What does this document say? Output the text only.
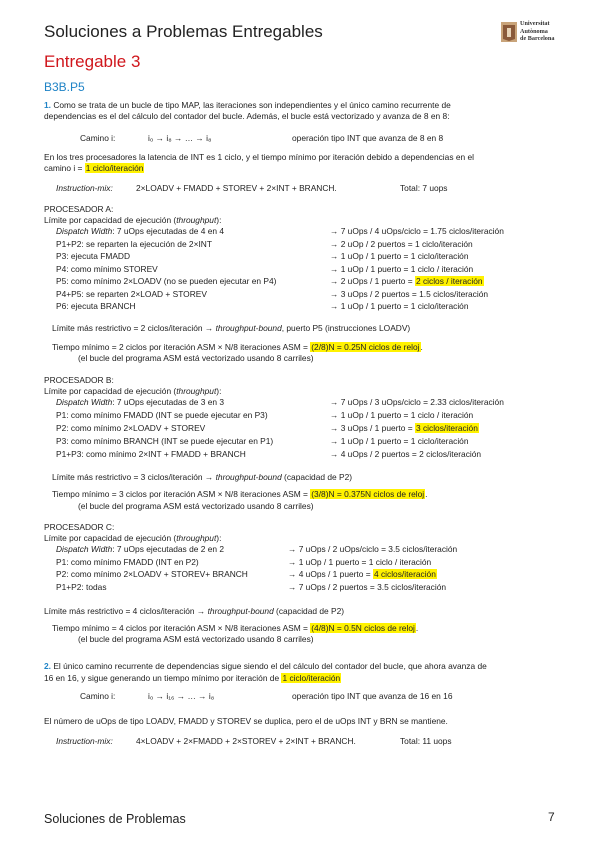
Soluciones a Problemas Entregables	Universitat
Autònoma
de Barcelona
Entregable 3
B3B.P5
1. Como se trata de un bucle de tipo MAP, las iteraciones son independientes y el único camino recurrente de
dependencias es el del cálculo del contador del bucle. Además, el bucle está vectorizado y avanza de 8 en 8:
Camino i:	i₀ → i₈ → … → i₈	operación tipo INT que avanza de 8 en 8
En los tres procesadores la latencia de INT es 1 ciclo, y el tiempo mínimo por iteración debido a dependencias en el
camino i = 1 ciclo/iteración
Instruction-mix:	2×LOADV + FMADD + STOREV + 2×INT + BRANCH.	Total: 7 uops
PROCESADOR A:
Límite por capacidad de ejecución (throughput):
Dispatch Width: 7 uOps ejecutadas de 4 en 4	→ 7 uOps / 4 uOps/ciclo = 1.75 ciclos/iteración
P1+P2: se reparten la ejecución de 2×INT	→ 2 uOp / 2 puertos = 1 ciclo/iteración
P3: ejecuta FMADD	→ 1 uOp / 1 puerto = 1 ciclo/iteración
P4: como mínimo STOREV	→ 1 uOp / 1 puerto = 1 ciclo / iteración
P5: como mínimo 2×LOADV (no se pueden ejecutar en P4)	→ 2 uOps / 1 puerto = 2 ciclos / iteración
P4+P5: se reparten 2×LOAD + STOREV	→ 3 uOps / 2 puertos = 1.5 ciclos/iteración
P6: ejecuta BRANCH	→ 1 uOp / 1 puerto = 1 ciclo/iteración
Límite más restrictivo = 2 ciclos/iteración → throughput-bound, puerto P5 (instrucciones LOADV)
Tiempo mínimo = 2 ciclos por iteración ASM × N/8 iteraciones ASM = (2/8)N = 0.25N ciclos de reloj.
(el bucle del programa ASM está vectorizado usando 8 carriles)
PROCESADOR B:
Límite por capacidad de ejecución (throughput):
Dispatch Width: 7 uOps ejecutadas de 3 en 3	→ 7 uOps / 3 uOps/ciclo = 2.33 ciclos/iteración
P1: como mínimo FMADD (INT se puede ejecutar en P3)	→ 1 uOp / 1 puerto = 1 ciclo / iteración
P2: como mínimo 2×LOADV + STOREV	→ 3 uOps / 1 puerto = 3 ciclos/iteración
P3: como mínimo BRANCH (INT se puede ejecutar en P1)	→ 1 uOp / 1 puerto = 1 ciclo/iteración
P1+P3: como mínimo 2×INT + FMADD + BRANCH	→ 4 uOps / 2 puertos = 2 ciclos/iteración
Límite más restrictivo = 3 ciclos/iteración → throughput-bound (capacidad de P2)
Tiempo mínimo = 3 ciclos por iteración ASM × N/8 iteraciones ASM = (3/8)N = 0.375N ciclos de reloj.
(el bucle del programa ASM está vectorizado usando 8 carriles)
PROCESADOR C:
Límite por capacidad de ejecución (throughput):
Dispatch Width: 7 uOps ejecutadas de 2 en 2	→ 7 uOps / 2 uOps/ciclo = 3.5 ciclos/iteración
P1: como mínimo FMADD (INT en P2)	→ 1 uOp / 1 puerto = 1 ciclo / iteración
P2: como mínimo 2×LOADV + STOREV+ BRANCH	→ 4 uOps / 1 puerto = 4 ciclos/iteración
P1+P2: todas	→ 7 uOps / 2 puertos = 3.5 ciclos/iteración
Límite más restrictivo = 4 ciclos/iteración → throughput-bound (capacidad de P2)
Tiempo mínimo = 4 ciclos por iteración ASM × N/8 iteraciones ASM = (4/8)N = 0.5N ciclos de reloj.
(el bucle del programa ASM está vectorizado usando 8 carriles)
2. El único camino recurrente de dependencias sigue siendo el del cálculo del contador del bucle, que ahora avanza de
16 en 16, y sigue generando un tiempo mínimo por iteración de 1 ciclo/iteración
Camino i:	i₀ → i₁₆ → … → i₈	operación tipo INT que avanza de 16 en 16
El número de uOps de tipo LOADV, FMADD y STOREV se duplica, pero el de uOps INT y BRN se mantiene.
Instruction-mix:	4×LOADV + 2×FMADD + 2×STOREV + 2×INT + BRANCH.	Total: 11 uops
Soluciones de Problemas	7
